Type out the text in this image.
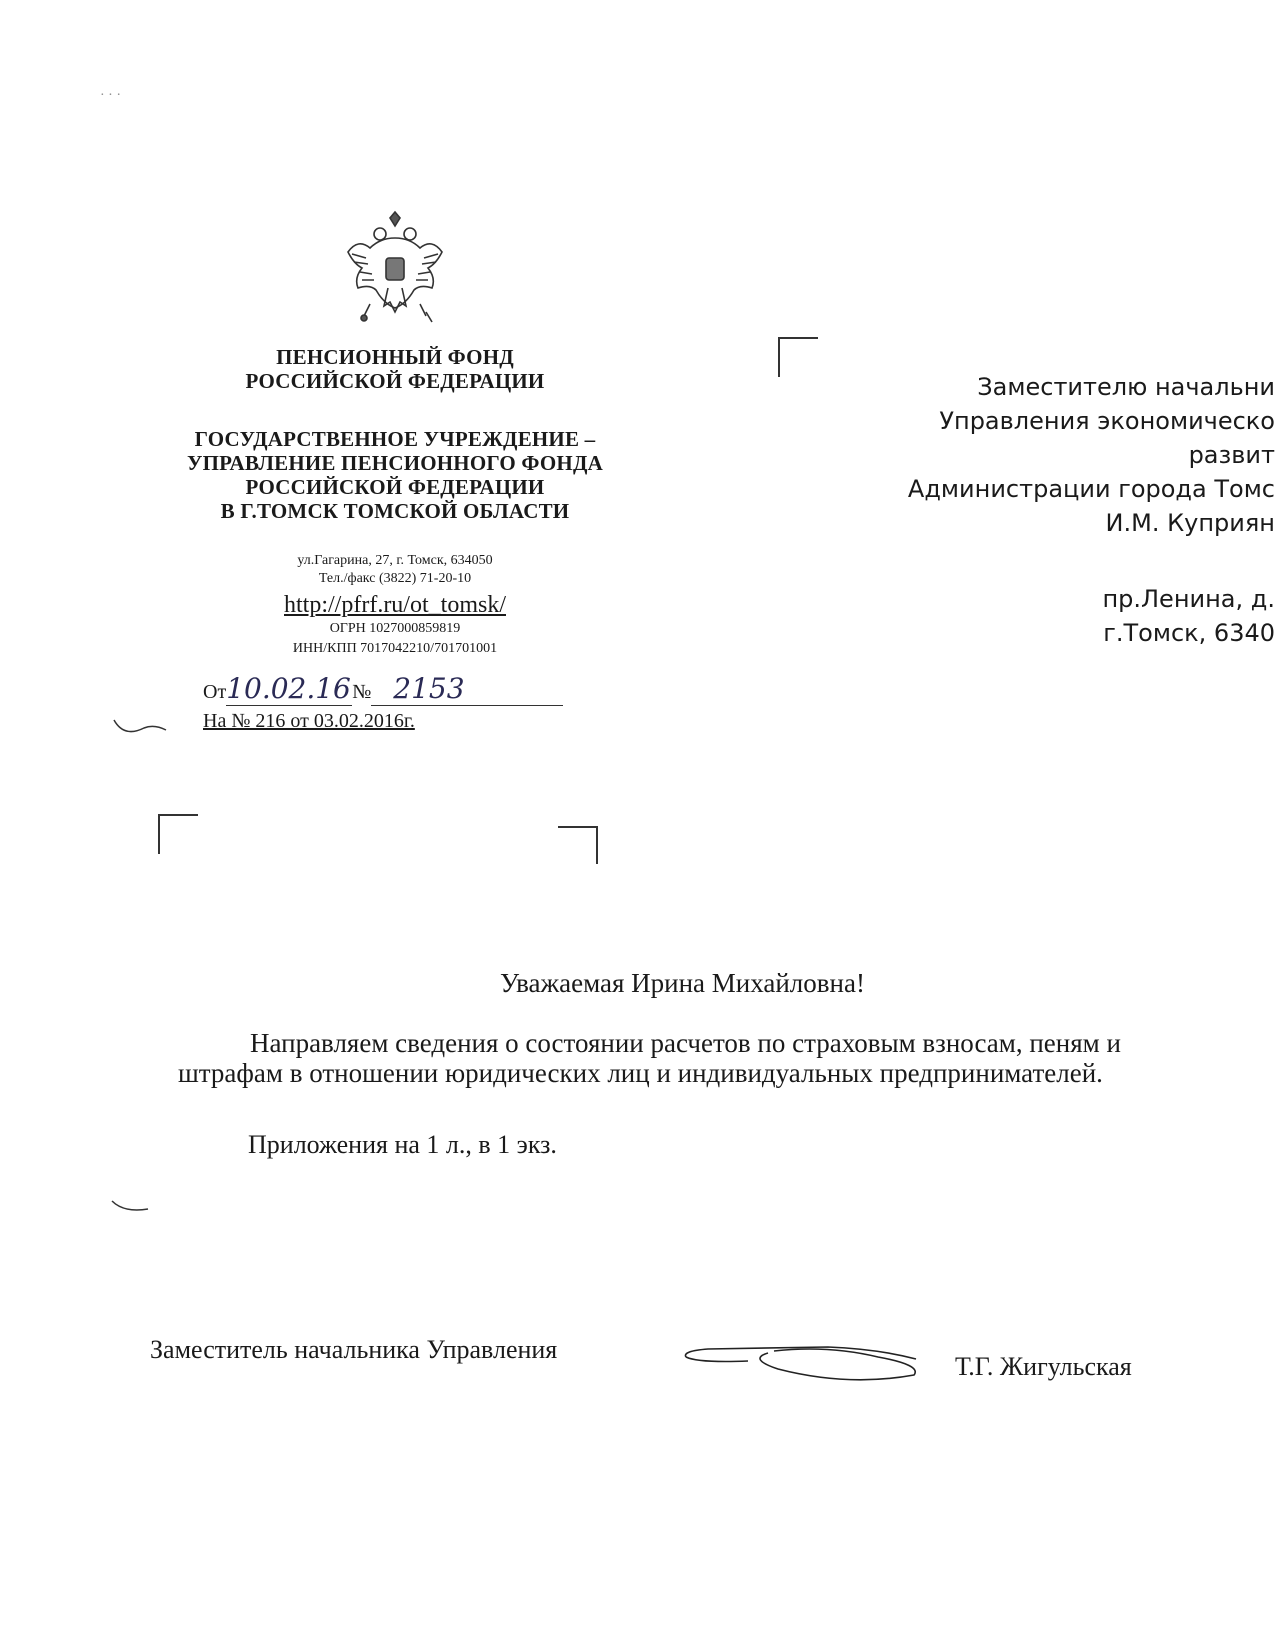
· · ·
ПЕНСИОННЫЙ ФОНД
РОССИЙСКОЙ ФЕДЕРАЦИИ
ГОСУДАРСТВЕННОЕ УЧРЕЖДЕНИЕ –
УПРАВЛЕНИЕ ПЕНСИОННОГО ФОНДА
РОССИЙСКОЙ ФЕДЕРАЦИИ
В Г.ТОМСК ТОМСКОЙ ОБЛАСТИ
ул.Гагарина, 27, г. Томск, 634050
Тел./факс (3822) 71-20-10
http://pfrf.ru/ot_tomsk/
ОГРН 1027000859819
ИНН/КПП 7017042210/701701001
От10.02.16№ 2153
На № 216 от 03.02.2016г.
Заместителю начальни
Управления экономическо
развит
Администрации города Томс
И.М. Куприян
пр.Ленина, д.
г.Томск, 6340
Уважаемая Ирина Михайловна!
Направляем сведения о состоянии расчетов по страховым взносам, пеням и
штрафам в отношении юридических лиц и индивидуальных предпринимателей.
Приложения на 1 л., в 1 экз.
Заместитель начальника Управления
Т.Г. Жигульская
